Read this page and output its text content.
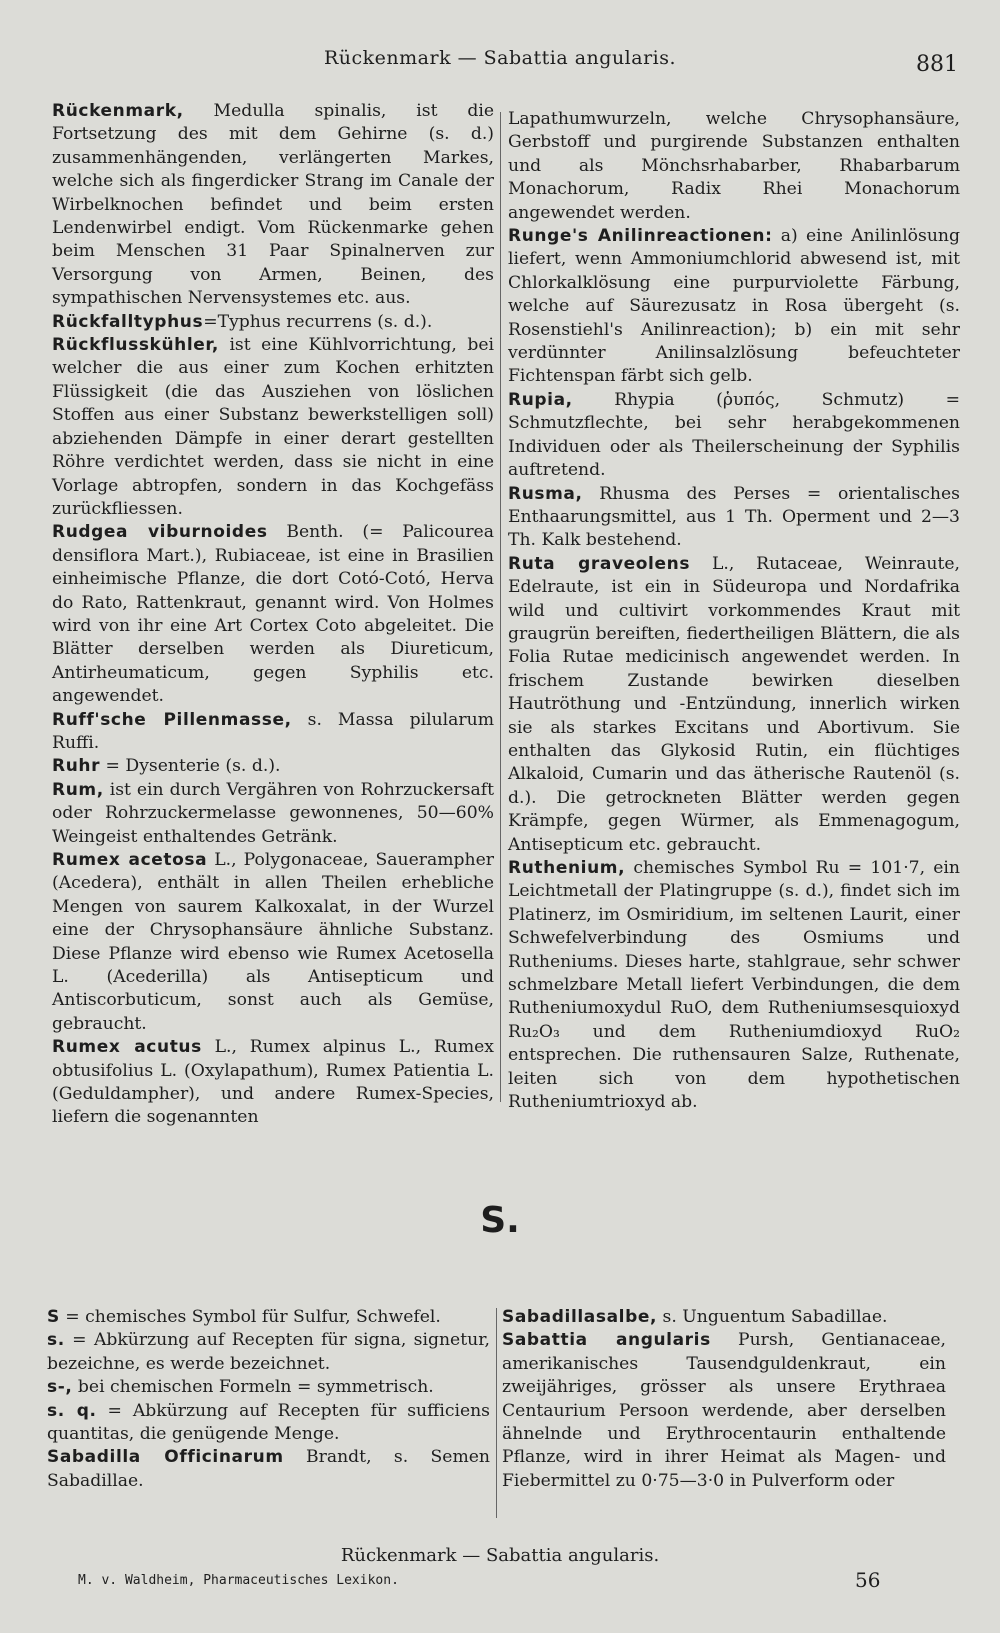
Rückenmark — Sabattia angularis.	881

Rückenmark, Medulla spinalis, ist die Fortsetzung des mit dem Gehirne (s. d.) zusammenhängenden, verlängerten Markes, welche sich als fingerdicker Strang im Canale der Wirbelknochen befindet und beim ersten Lendenwirbel endigt. Vom Rückenmarke gehen beim Menschen 31 Paar Spinalnerven zur Versorgung von Armen, Beinen, des sympathischen Nervensystemes etc. aus.

Rückfalltyphus=Typhus recurrens (s. d.).

Rückflusskühler, ist eine Kühlvorrichtung, bei welcher die aus einer zum Kochen erhitzten Flüssigkeit (die das Ausziehen von löslichen Stoffen aus einer Substanz bewerkstelligen soll) abziehenden Dämpfe in einer derart gestellten Röhre verdichtet werden, dass sie nicht in eine Vorlage abtropfen, sondern in das Kochgefäss zurückfliessen.

Rudgea viburnoides Benth. (= Palicourea densiflora Mart.), Rubiaceae, ist eine in Brasilien einheimische Pflanze, die dort Cotó-Cotó, Herva do Rato, Rattenkraut, genannt wird. Von Holmes wird von ihr eine Art Cortex Coto abgeleitet. Die Blätter derselben werden als Diureticum, Antirheumaticum, gegen Syphilis etc. angewendet.

Ruff'sche Pillenmasse, s. Massa pilularum Ruffi.

Ruhr = Dysenterie (s. d.).

Rum, ist ein durch Vergähren von Rohrzuckersaft oder Rohrzuckermelasse gewonnenes, 50—60% Weingeist enthaltendes Getränk.

Rumex acetosa L., Polygonaceae, Sauerampher (Acedera), enthält in allen Theilen erhebliche Mengen von saurem Kalkoxalat, in der Wurzel eine der Chrysophansäure ähnliche Substanz. Diese Pflanze wird ebenso wie Rumex Acetosella L. (Acederilla) als Antisepticum und Antiscorbuticum, sonst auch als Gemüse, gebraucht.

Rumex acutus L., Rumex alpinus L., Rumex obtusifolius L. (Oxylapathum), Rumex Patientia L. (Geduldampher), und andere Rumex-Species, liefern die sogenannten

Lapathumwurzeln, welche Chrysophansäure, Gerbstoff und purgirende Substanzen enthalten und als Mönchsrhabarber, Rhabarbarum Monachorum, Radix Rhei Monachorum angewendet werden.

Runge's Anilinreactionen: a) eine Anilinlösung liefert, wenn Ammoniumchlorid abwesend ist, mit Chlorkalklösung eine purpurviolette Färbung, welche auf Säurezusatz in Rosa übergeht (s. Rosenstiehl's Anilinreaction); b) ein mit sehr verdünnter Anilinsalzlösung befeuchteter Fichtenspan färbt sich gelb.

Rupia, Rhypia (ῥυπός, Schmutz) = Schmutzflechte, bei sehr herabgekommenen Individuen oder als Theilerscheinung der Syphilis auftretend.

Rusma, Rhusma des Perses = orientalisches Enthaarungsmittel, aus 1 Th. Operment und 2—3 Th. Kalk bestehend.

Ruta graveolens L., Rutaceae, Weinraute, Edelraute, ist ein in Südeuropa und Nordafrika wild und cultivirt vorkommendes Kraut mit graugrün bereiften, fiedertheiligen Blättern, die als Folia Rutae medicinisch angewendet werden. In frischem Zustande bewirken dieselben Hautröthung und -Entzündung, innerlich wirken sie als starkes Excitans und Abortivum. Sie enthalten das Glykosid Rutin, ein flüchtiges Alkaloid, Cumarin und das ätherische Rautenöl (s. d.). Die getrockneten Blätter werden gegen Krämpfe, gegen Würmer, als Emmenagogum, Antisepticum etc. gebraucht.

Ruthenium, chemisches Symbol Ru = 101·7, ein Leichtmetall der Platingruppe (s. d.), findet sich im Platinerz, im Osmiridium, im seltenen Laurit, einer Schwefelverbindung des Osmiums und Rutheniums. Dieses harte, stahlgraue, sehr schwer schmelzbare Metall liefert Verbindungen, die dem Rutheniumoxydul RuO, dem Rutheniumsesquioxyd Ru₂O₃ und dem Rutheniumdioxyd RuO₂ entsprechen. Die ruthensauren Salze, Ruthenate, leiten sich von dem hypothetischen Rutheniumtrioxyd ab.

S.

S = chemisches Symbol für Sulfur, Schwefel.

s. = Abkürzung auf Recepten für signa, signetur, bezeichne, es werde bezeichnet.

s-, bei chemischen Formeln = symmetrisch.

s. q. = Abkürzung auf Recepten für sufficiens quantitas, die genügende Menge.

Sabadilla Officinarum Brandt, s. Semen Sabadillae.

Sabadillasalbe, s. Unguentum Sabadillae.

Sabattia angularis Pursh, Gentianaceae, amerikanisches Tausendguldenkraut, ein zweijähriges, grösser als unsere Erythraea Centaurium Persoon werdende, aber derselben ähnelnde und Erythrocentaurin enthaltende Pflanze, wird in ihrer Heimat als Magen- und Fiebermittel zu 0·75—3·0 in Pulverform oder

Rückenmark — Sabattia angularis.
M. v. Waldheim, Pharmaceutisches Lexikon.	56
